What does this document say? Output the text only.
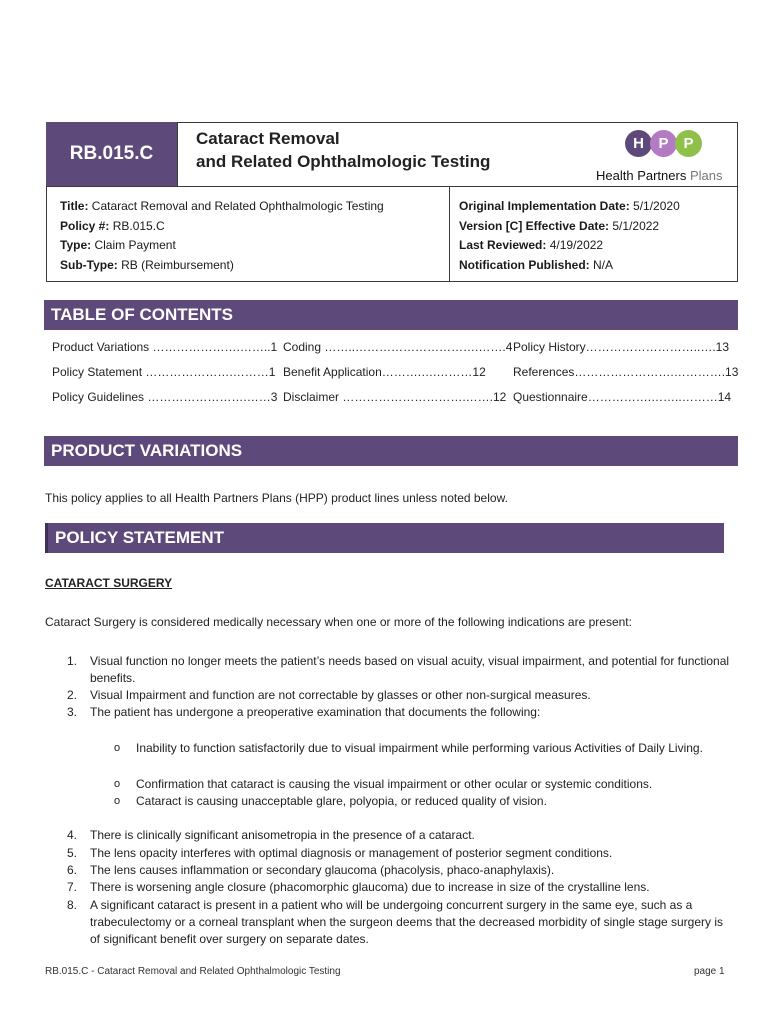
RB.015.C
Cataract Removal
and Related Ophthalmologic Testing
H P P
Health Partners Plans
Title: Cataract Removal and Related Ophthalmologic Testing
Policy #: RB.015.C
Type: Claim Payment
Sub-Type: RB (Reimbursement)
Original Implementation Date: 5/1/2020
Version [C] Effective Date: 5/1/2022
Last Reviewed: 4/19/2022
Notification Published: N/A
TABLE OF CONTENTS
Product Variations ………………….……..1
Policy Statement ………………….………1
Policy Guidelines …………………….……3
Coding ……..………………………….…….4
Benefit Application……….….………12
Disclaimer ………………………….…….12
Policy History………………………..….13
References…………………….………….13
Questionnaire…………….……..………14
PRODUCT VARIATIONS
This policy applies to all Health Partners Plans (HPP) product lines unless noted below.
POLICY STATEMENT
CATARACT SURGERY
Cataract Surgery is considered medically necessary when one or more of the following indications are present:
1. Visual function no longer meets the patient’s needs based on visual acuity, visual impairment, and potential for functional benefits.
2. Visual Impairment and function are not correctable by glasses or other non-surgical measures.
3. The patient has undergone a preoperative examination that documents the following:
o Inability to function satisfactorily due to visual impairment while performing various Activities of Daily Living.
o Confirmation that cataract is causing the visual impairment or other ocular or systemic conditions.
o Cataract is causing unacceptable glare, polyopia, or reduced quality of vision.
4. There is clinically significant anisometropia in the presence of a cataract.
5. The lens opacity interferes with optimal diagnosis or management of posterior segment conditions.
6. The lens causes inflammation or secondary glaucoma (phacolysis, phaco-anaphylaxis).
7. There is worsening angle closure (phacomorphic glaucoma) due to increase in size of the crystalline lens.
8. A significant cataract is present in a patient who will be undergoing concurrent surgery in the same eye, such as a trabeculectomy or a corneal transplant when the surgeon deems that the decreased morbidity of single stage surgery is of significant benefit over surgery on separate dates.
RB.015.C - Cataract Removal and Related Ophthalmologic Testing	page 1
